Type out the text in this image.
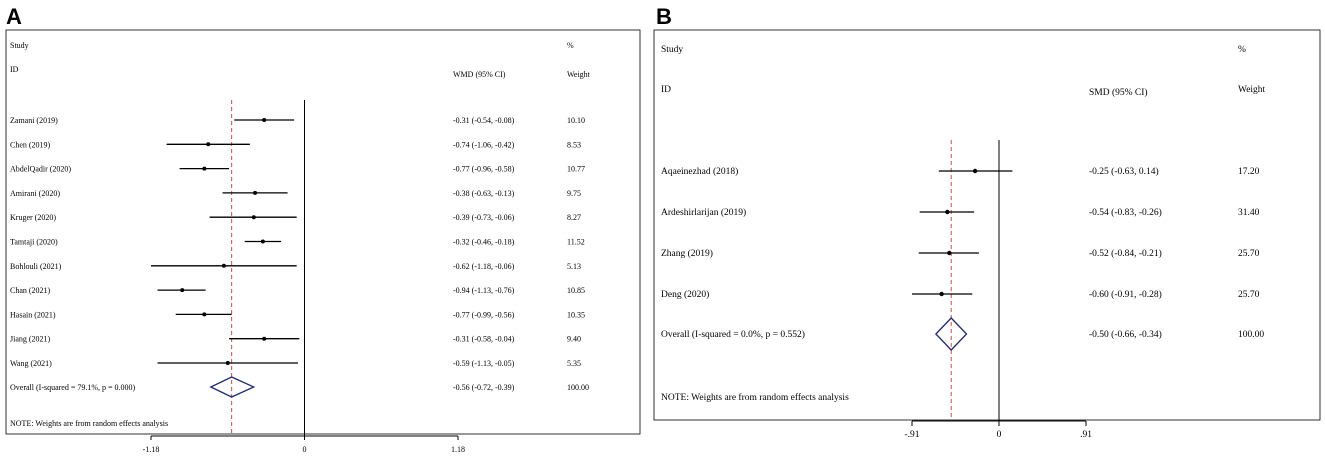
A	B
Study
ID
WMD (95% CI)
%
Weight
Zamani (2019)	-0.31 (-0.54, -0.08)	10.10
Chen (2019)	-0.74 (-1.06, -0.42)	8.53
AbdelQadir (2020)	-0.77 (-0.96, -0.58)	10.77
Amirani (2020)	-0.38 (-0.63, -0.13)	9.75
Kruger (2020)	-0.39 (-0.73, -0.06)	8.27
Tamtaji (2020)	-0.32 (-0.46, -0.18)	11.52
Bohlouli (2021)	-0.62 (-1.18, -0.06)	5.13
Chan (2021)	-0.94 (-1.13, -0.76)	10.85
Hasain (2021)	-0.77 (-0.99, -0.56)	10.35
Jiang (2021)	-0.31 (-0.58, -0.04)	9.40
Wang (2021)	-0.59 (-1.13, -0.05)	5.35
Overall (I-squared = 79.1%, p = 0.000)	-0.56 (-0.72, -0.39)	100.00
NOTE: Weights are from random effects analysis
-1.18	0	1.18
Study
ID	SMD (95% CI)
%
Weight
Aqaeinezhad (2018)	-0.25 (-0.63, 0.14)	17.20
Ardeshirlarijan (2019)	-0.54 (-0.83, -0.26)	31.40
Zhang (2019)	-0.52 (-0.84, -0.21)	25.70
Deng (2020)	-0.60 (-0.91, -0.28)	25.70
Overall (I-squared = 0.0%, p = 0.552)	-0.50 (-0.66, -0.34)	100.00
NOTE: Weights are from random effects analysis
-.91	0	.91
